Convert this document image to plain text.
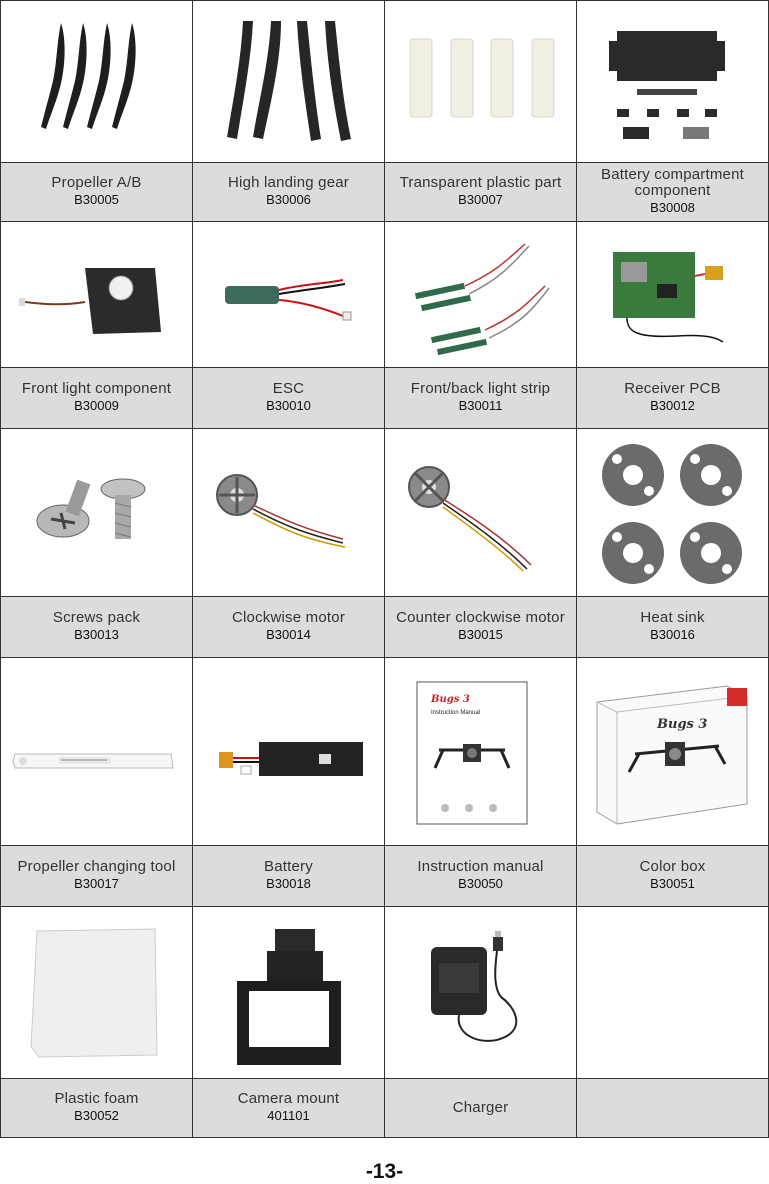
Propeller A/B
B30005
High landing gear
B30006
Transparent plastic part
B30007
Battery compartment component
B30008
Front light component
B30009
ESC
B30010
Front/back light strip
B30011
Receiver PCB
B30012
Screws pack
B30013
Clockwise motor
B30014
Counter clockwise motor
B30015
Heat sink
B30016
Propeller changing tool
B30017
Battery
B30018
Bugs 3
Instruction Manual
Instruction manual
B30050
Bugs 3
Color box
B30051
Plastic foam
B30052
Camera mount
401101	Charger
-13-
